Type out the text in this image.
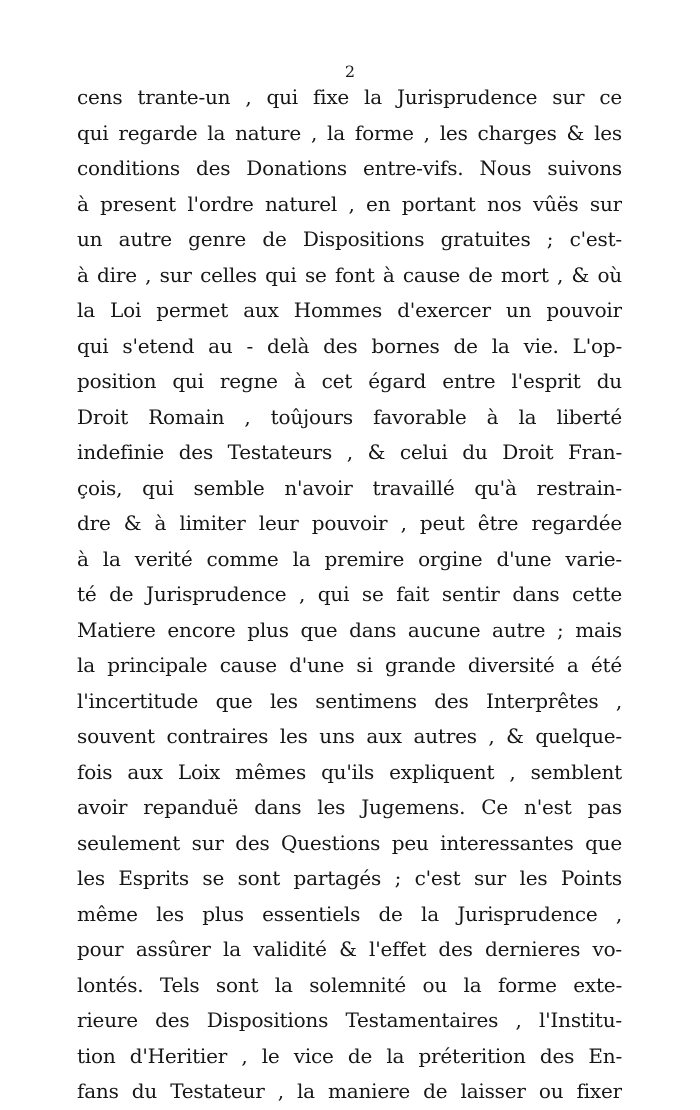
2
cens trante-un , qui fixe la Jurisprudence sur ce
qui regarde la nature , la forme , les charges & les
conditions des Donations entre-vifs. Nous suivons
à present l'ordre naturel , en portant nos vûës sur
un autre genre de Dispositions gratuites ; c'est-
à dire , sur celles qui se font à cause de mort , & où
la Loi permet aux Hommes d'exercer un pouvoir
qui s'etend au - delà des bornes de la vie. L'op-
position qui regne à cet égard entre l'esprit du
Droit Romain , toûjours favorable à la liberté
indefinie des Testateurs , & celui du Droit Fran-
çois, qui semble n'avoir travaillé qu'à restrain-
dre & à limiter leur pouvoir , peut être regardée
à la verité comme la premire orgine d'une varie-
té de Jurisprudence , qui se fait sentir dans cette
Matiere encore plus que dans aucune autre ; mais
la principale cause d'une si grande diversité a été
l'incertitude que les sentimens des Interprêtes ,
souvent contraires les uns aux autres , & quelque-
fois aux Loix mêmes qu'ils expliquent , semblent
avoir repanduë dans les Jugemens. Ce n'est pas
seulement sur des Questions peu interessantes que
les Esprits se sont partagés ; c'est sur les Points
même les plus essentiels de la Jurisprudence ,
pour assûrer la validité & l'effet des dernieres vo-
lontés. Tels sont la solemnité ou la forme exte-
rieure des Dispositions Testamentaires , l'Institu-
tion d'Heritier , le vice de la préterition des En-
fans du Testateur , la maniere de laisser ou fixer
